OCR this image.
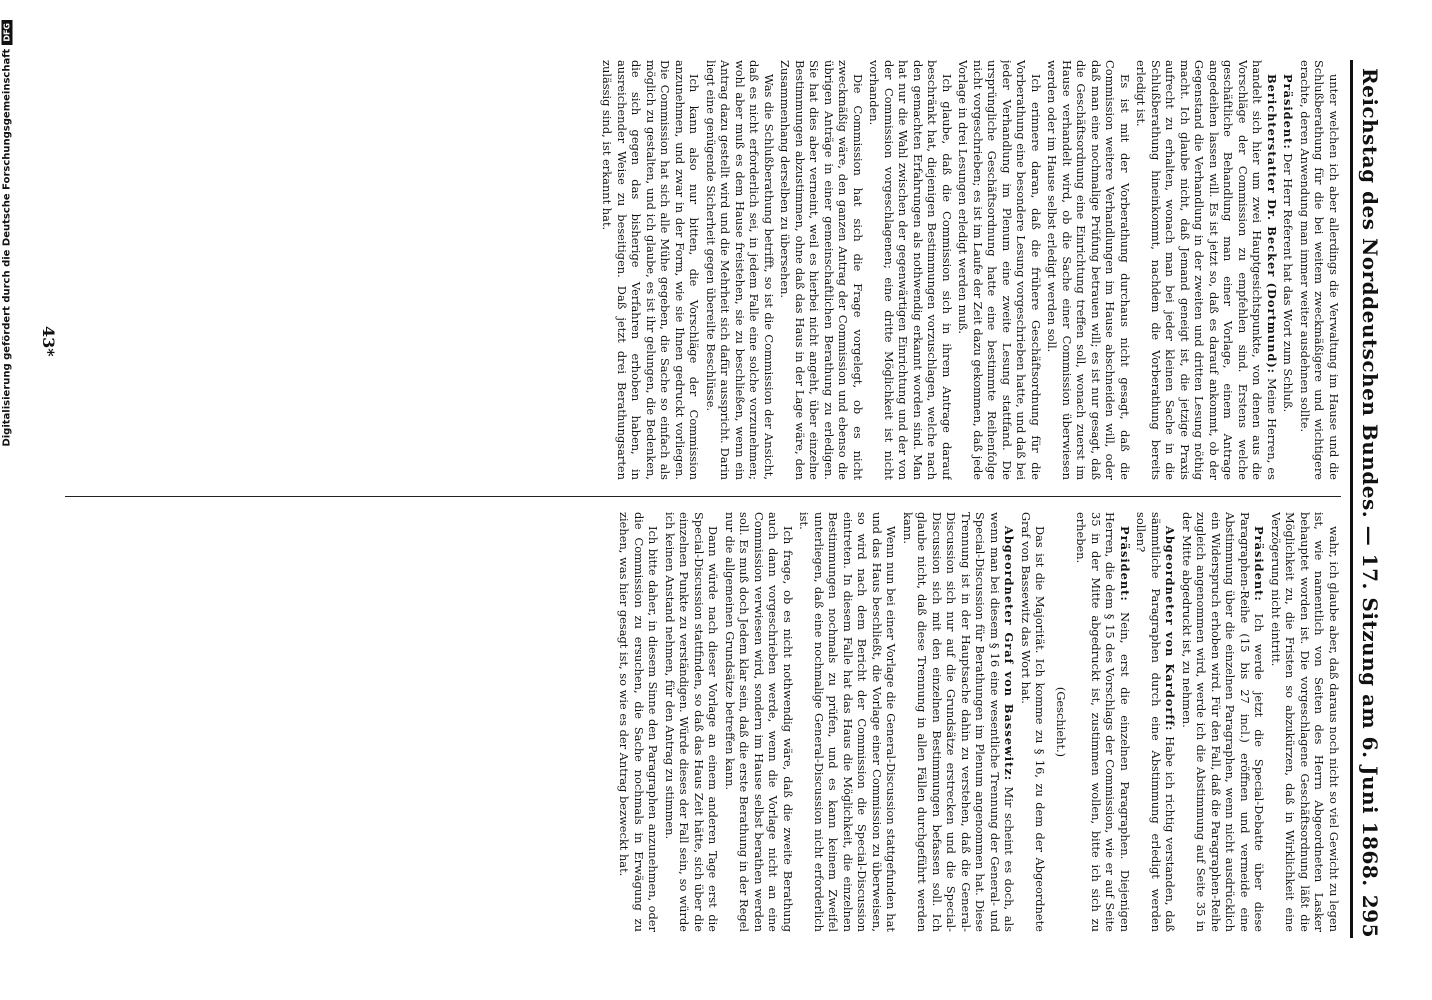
Reichstag des Norddeutschen Bundes. — 17. Sitzung am 6. Juni 1868.
295

unter welchen ich aber allerdings die Verwaltung im Hause und die Schlußberathung für die bei weitem zweckmäßigere und wichtigere erachte, deren Anwendung man immer weiter ausdehnen sollte.

Präsident: Der Herr Referent hat das Wort zum Schluß.

Berichterstatter Dr. Becker (Dortmund): Meine Herren, es handelt sich hier um zwei Hauptgesichtspunkte, von denen aus die Vorschläge der Commission zu empfehlen sind. Erstens welche geschäftliche Behandlung man einer Vorlage, einem Antrage angedeihen lassen will. Es ist jetzt so, daß es darauf ankommt, ob der Gegenstand die Verhandlung in der zweiten und dritten Lesung nöthig macht. Ich glaube nicht, daß Jemand geneigt ist, die jetzige Praxis aufrecht zu erhalten, wonach man bei jeder kleinen Sache in die Schlußberathung hineinkommt, nachdem die Vorberathung bereits erledigt ist.

Es ist mit der Vorberathung durchaus nicht gesagt, daß die Commission weitere Verhandlungen im Hause abschneiden will, oder daß man eine nochmalige Prüfung betrauen will; es ist nur gesagt, daß die Geschäftsordnung eine Einrichtung treffen soll, wonach zuerst im Hause verhandelt wird, ob die Sache einer Commission überwiesen werden oder im Hause selbst erledigt werden soll.

Ich erinnere daran, daß die frühere Geschäftsordnung für die Vorberathung eine besondere Lesung vorgeschrieben hatte, und daß bei jeder Verhandlung im Plenum eine zweite Lesung stattfand. Die ursprüngliche Geschäftsordnung hatte eine bestimmte Reihenfolge nicht vorgeschrieben; es ist im Laufe der Zeit dazu gekommen, daß jede Vorlage in drei Lesungen erledigt werden muß.

Ich glaube, daß die Commission sich in ihrem Antrage darauf beschränkt hat, diejenigen Bestimmungen vorzuschlagen, welche nach den gemachten Erfahrungen als nothwendig erkannt worden sind. Man hat nur die Wahl zwischen der gegenwärtigen Einrichtung und der von der Commission vorgeschlagenen; eine dritte Möglichkeit ist nicht vorhanden.

Die Commission hat sich die Frage vorgelegt, ob es nicht zweckmäßig wäre, den ganzen Antrag der Commission und ebenso die übrigen Anträge in einer gemeinschaftlichen Berathung zu erledigen. Sie hat dies aber verneint, weil es hierbei nicht angeht, über einzelne Bestimmungen abzustimmen, ohne daß das Haus in der Lage wäre, den Zusammenhang derselben zu übersehen.

Was die Schlußberathung betrifft, so ist die Commission der Ansicht, daß es nicht erforderlich sei, in jedem Falle eine solche vorzunehmen; wohl aber muß es dem Hause freistehen, sie zu beschließen, wenn ein Antrag dazu gestellt wird und die Mehrheit sich dafür ausspricht. Darin liegt eine genügende Sicherheit gegen übereilte Beschlüsse.

Ich kann also nur bitten, die Vorschläge der Commission anzunehmen, und zwar in der Form, wie sie Ihnen gedruckt vorliegen. Die Commission hat sich alle Mühe gegeben, die Sache so einfach als möglich zu gestalten, und ich glaube, es ist ihr gelungen, die Bedenken, die sich gegen das bisherige Verfahren erhoben haben, in ausreichender Weise zu beseitigen. Daß jetzt drei Berathungsarten zulässig sind, ist erkannt hat.

wahr, ich glaube aber, daß daraus noch nicht so viel Gewicht zu legen ist, wie namentlich von Seiten des Herrn Abgeordneten Lasker behauptet worden ist. Die vorgeschlagene Geschäftsordnung läßt die Möglichkeit zu, die Fristen so abzukürzen, daß in Wirklichkeit eine Verzögerung nicht eintritt.

Präsident: Ich werde jetzt die Special-Debatte über diese Paragraphen-Reihe (15 bis 27 incl.) eröffnen und vermeide eine Abstimmung über die einzelnen Paragraphen, wenn nicht ausdrücklich ein Widerspruch erhoben wird. Für den Fall, daß die Paragraphen-Reihe zugleich angenommen wird, werde ich die Abstimmung auf Seite 35 in der Mitte abgedruckt ist, zu nehmen.

Abgeordneter von Kardorff: Habe ich richtig verstanden, daß sämmtliche Paragraphen durch eine Abstimmung erledigt werden sollen?

Präsident: Nein, erst die einzelnen Paragraphen. Diejenigen Herren, die dem § 15 des Vorschlags der Commission, wie er auf Seite 35 in der Mitte abgedruckt ist, zustimmen wollen, bitte ich sich zu erheben.

(Geschieht.)

Das ist die Majorität. Ich komme zu § 16, zu dem der Abgeordnete Graf von Bassewitz das Wort hat.

Abgeordneter Graf von Bassewitz: Mir scheint es doch, als wenn man bei diesem § 16 eine wesentliche Trennung der General- und Special-Discussion für Berathungen im Plenum angenommen hat. Diese Trennung ist in der Hauptsache dahin zu verstehen, daß die General-Discussion sich nur auf die Grundsätze erstrecken und die Special-Discussion sich mit den einzelnen Bestimmungen befassen soll. Ich glaube nicht, daß diese Trennung in allen Fällen durchgeführt werden kann.

Wenn nun bei einer Vorlage die General-Discussion stattgefunden hat und das Haus beschließt, die Vorlage einer Commission zu überweisen, so wird nach dem Bericht der Commission die Special-Discussion eintreten. In diesem Falle hat das Haus die Möglichkeit, die einzelnen Bestimmungen nochmals zu prüfen, und es kann keinem Zweifel unterliegen, daß eine nochmalige General-Discussion nicht erforderlich ist.

Ich frage, ob es nicht nothwendig wäre, daß die zweite Berathung auch dann vorgeschrieben werde, wenn die Vorlage nicht an eine Commission verwiesen wird, sondern im Hause selbst berathen werden soll. Es muß doch Jedem klar sein, daß die erste Berathung in der Regel nur die allgemeinen Grundsätze betreffen kann.

Dann würde nach dieser Vorlage an einem anderen Tage erst die Special-Discussion stattfinden, so daß das Haus Zeit hätte, sich über die einzelnen Punkte zu verständigen. Würde dieses der Fall sein, so würde ich keinen Anstand nehmen, für den Antrag zu stimmen.

Ich bitte daher, in diesem Sinne den Paragraphen anzunehmen, oder die Commission zu ersuchen, die Sache nochmals in Erwägung zu ziehen, was hier gesagt ist, so wie es der Antrag bezweckt hat.

43*
Digitalisierung gefördert durch die Deutsche ForschungsgemeinschaftDFG
